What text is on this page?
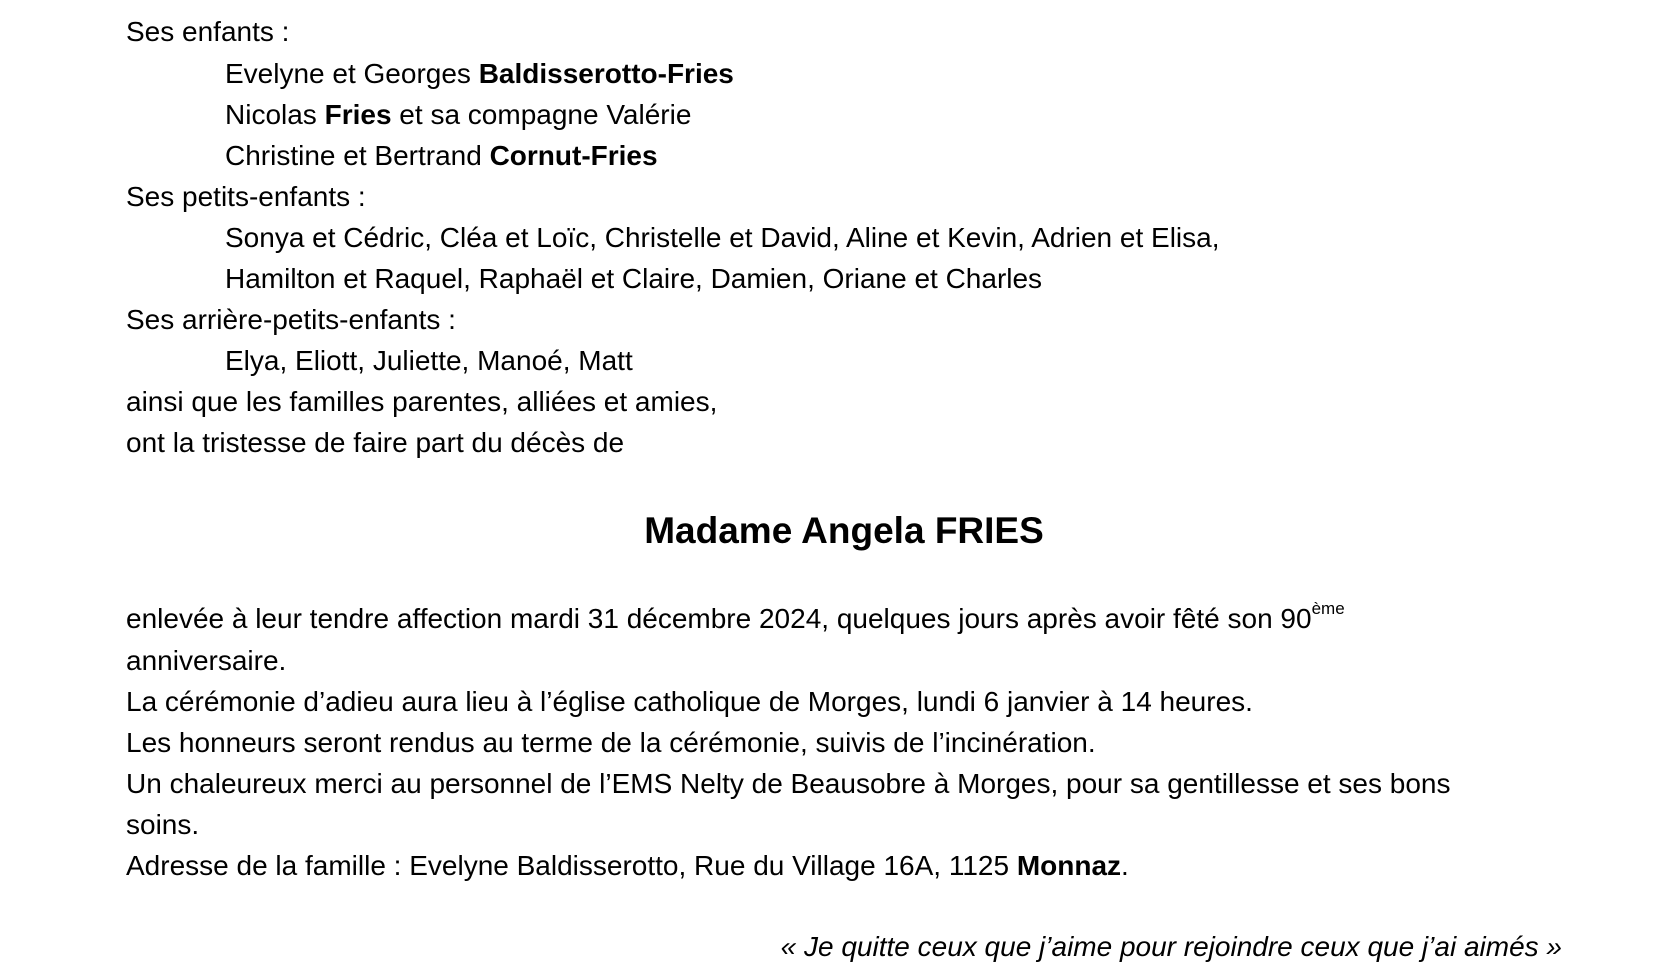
Ses enfants :
Evelyne et Georges Baldisserotto-Fries
Nicolas Fries et sa compagne Valérie
Christine et Bertrand Cornut-Fries
Ses petits-enfants :
Sonya et Cédric, Cléa et Loïc, Christelle et David, Aline et Kevin, Adrien et Elisa,
Hamilton et Raquel, Raphaël et Claire, Damien, Oriane et Charles
Ses arrière-petits-enfants :
Elya, Eliott, Juliette, Manoé, Matt
ainsi que les familles parentes, alliées et amies,
ont la tristesse de faire part du décès de
Madame Angela FRIES
enlevée à leur tendre affection mardi 31 décembre 2024, quelques jours après avoir fêté son 90ème
anniversaire.
La cérémonie d’adieu aura lieu à l’église catholique de Morges, lundi 6 janvier à 14 heures.
Les honneurs seront rendus au terme de la cérémonie, suivis de l’incinération.
Un chaleureux merci au personnel de l’EMS Nelty de Beausobre à Morges, pour sa gentillesse et ses bons
soins.
Adresse de la famille : Evelyne Baldisserotto, Rue du Village 16A, 1125 Monnaz.
« Je quitte ceux que j’aime pour rejoindre ceux que j’ai aimés »
